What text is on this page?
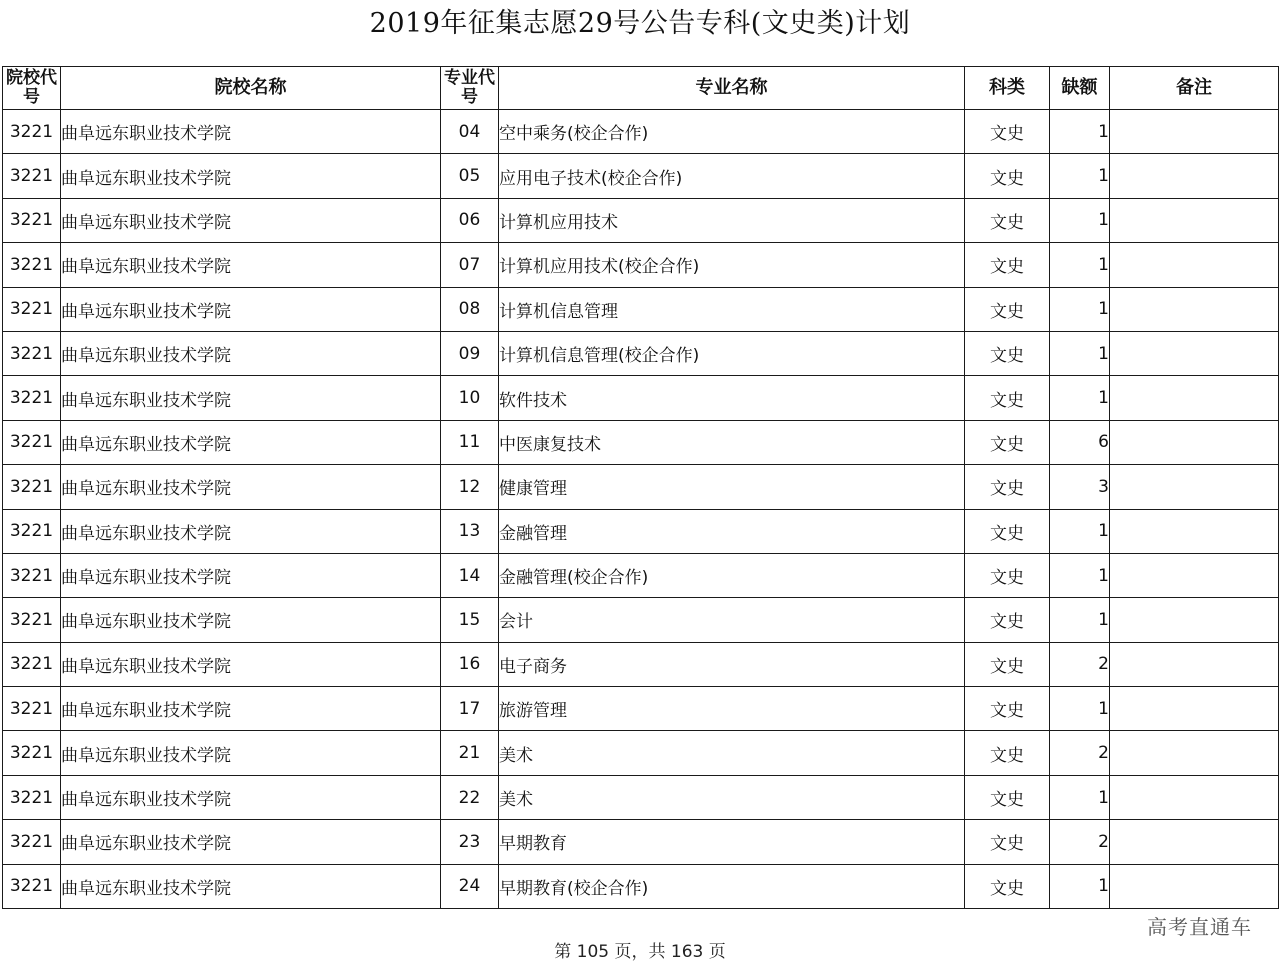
2019年征集志愿29号公告专科(文史类)计划
院校代号	院校名称	专业代号	专业名称	科类	缺额	备注
3221	曲阜远东职业技术学院	04	空中乘务(校企合作)	文史	1	
3221	曲阜远东职业技术学院	05	应用电子技术(校企合作)	文史	1	
3221	曲阜远东职业技术学院	06	计算机应用技术	文史	1	
3221	曲阜远东职业技术学院	07	计算机应用技术(校企合作)	文史	1	
3221	曲阜远东职业技术学院	08	计算机信息管理	文史	1	
3221	曲阜远东职业技术学院	09	计算机信息管理(校企合作)	文史	1	
3221	曲阜远东职业技术学院	10	软件技术	文史	1	
3221	曲阜远东职业技术学院	11	中医康复技术	文史	6	
3221	曲阜远东职业技术学院	12	健康管理	文史	3	
3221	曲阜远东职业技术学院	13	金融管理	文史	1	
3221	曲阜远东职业技术学院	14	金融管理(校企合作)	文史	1	
3221	曲阜远东职业技术学院	15	会计	文史	1	
3221	曲阜远东职业技术学院	16	电子商务	文史	2	
3221	曲阜远东职业技术学院	17	旅游管理	文史	1	
3221	曲阜远东职业技术学院	21	美术	文史	2	
3221	曲阜远东职业技术学院	22	美术	文史	1	
3221	曲阜远东职业技术学院	23	早期教育	文史	2	
3221	曲阜远东职业技术学院	24	早期教育(校企合作)	文史	1	
高考直通车
第 105 页，共 163 页
